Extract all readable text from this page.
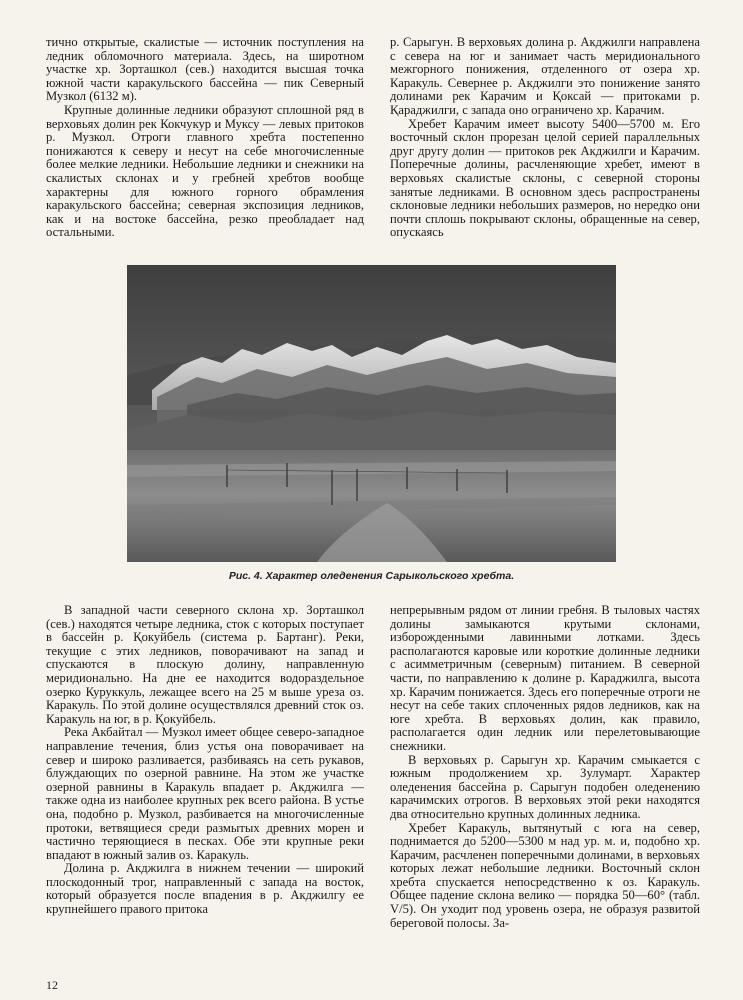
тично открытые, скалистые — источник поступления на ледник обломочного материала. Здесь, на широтном участке хр. Зорташкол (сев.) находится высшая точка южной части каракульского бассейна — пик Северный Музкол (6132 м).

Крупные долинные ледники образуют сплошной ряд в верховьях долин рек Кокчукур и Муксу — левых притоков р. Музкол. Отроги главного хребта постепенно понижаются к северу и несут на себе многочисленные более мелкие ледники. Небольшие ледники и снежники на скалистых склонах и у гребней хребтов вообще характерны для южного горного обрамления каракульского бассейна; северная экспозиция ледников, как и на востоке бассейна, резко преобладает над остальными.

р. Сарыгун. В верховьях долина р. Акджилги направлена с севера на юг и занимает часть меридионального межгорного понижения, отделенного от озера хр. Каракуль. Севернее р. Акджилги это понижение занято долинами рек Карачим и Қоксай — притоками р. Қараджилги, с запада оно ограничено хр. Карачим.

Хребет Карачим имеет высоту 5400—5700 м. Его восточный склон прорезан целой серией параллельных друг другу долин — притоков рек Акджилги и Карачим. Поперечные долины, расчленяющие хребет, имеют в верховьях скалистые склоны, с северной стороны занятые ледниками. В основном здесь распространены склоновые ледники небольших размеров, но нередко они почти сплошь покрывают склоны, обращенные на север, опускаясь

Рис. 4. Характер оледенения Сарыкольского хребта.

В западной части северного склона хр. Зорташкол (сев.) находятся четыре ледника, сток с которых поступает в бассейн р. Қокуйбель (система р. Бартанг). Реки, текущие с этих ледников, поворачивают на запад и спускаются в плоскую долину, направленную меридионально. На дне ее находится водораздельное озерко Куруккуль, лежащее всего на 25 м выше уреза оз. Каракуль. По этой долине осуществлялся древний сток оз. Каракуль на юг, в р. Қокуйбель.

Река Акбайтал — Музкол имеет общее северо-западное направление течения, близ устья она поворачивает на север и широко разливается, разбиваясь на сеть рукавов, блуждающих по озерной равнине. На этом же участке озерной равнины в Каракуль впадает р. Акджилга — также одна из наиболее крупных рек всего района. В устье она, подобно р. Музкол, разбивается на многочисленные протоки, ветвящиеся среди размытых древних морен и частично теряющиеся в песках. Обе эти крупные реки впадают в южный залив оз. Каракуль.

Долина р. Акджилга в нижнем течении — широкий плоскодонный трог, направленный с запада на восток, который образуется после впадения в р. Акджилгу ее крупнейшего правого притока

непрерывным рядом от линии гребня. В тыловых частях долины замыкаются крутыми склонами, изборожденными лавинными лотками. Здесь располагаются каровые или короткие долинные ледники с асимметричным (северным) питанием. В северной части, по направлению к долине р. Караджилга, высота хр. Карачим понижается. Здесь его поперечные отроги не несут на себе таких сплоченных рядов ледников, как на юге хребта. В верховьях долин, как правило, располагается один ледник или перелетовывающие снежники.

В верховьях р. Сарыгун хр. Карачим смыкается с южным продолжением хр. Зулумарт. Характер оледенения бассейна р. Сарыгун подобен оледенению карачимских отрогов. В верховьях этой реки находятся два относительно крупных долинных ледника.

Хребет Каракуль, вытянутый с юга на север, поднимается до 5200—5300 м над ур. м. и, подобно хр. Карачим, расчленен поперечными долинами, в верховьях которых лежат небольшие ледники. Восточный склон хребта спускается непосредственно к оз. Каракуль. Общее падение склона велико — порядка 50—60° (табл. V/5). Он уходит под уровень озера, не образуя развитой береговой полосы. За-

12
